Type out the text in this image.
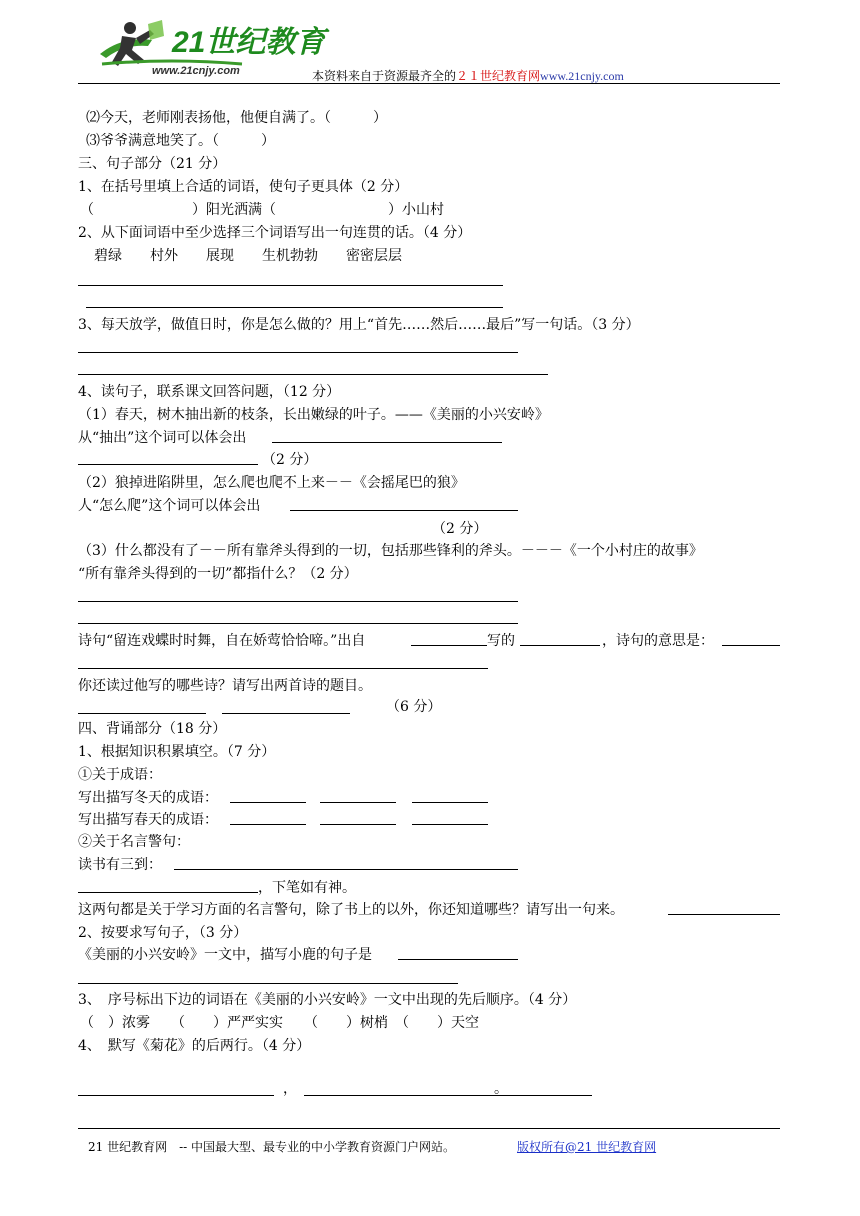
21世纪教育
www.21cnjy.com	本资料来自于资源最齐全的２１世纪教育网www.21cnjy.com
⑵今天，老师刚表扬他，他便自满了。（　　　）
⑶爷爷满意地笑了。（　　　）
三、句子部分（21 分）
1、在括号里填上合适的词语，使句子更具体（2 分）
（　　　　　　　）阳光洒满（　　　　　　　　）小山村
2、从下面词语中至少选择三个词语写出一句连贯的话。（4 分）
碧绿　　村外　　展现　　生机勃勃　　密密层层
3、每天放学，做值日时，你是怎么做的？用上“首先……然后……最后”写一句话。（3 分）
4、读句子，联系课文回答问题，（12 分）
（1）春天，树木抽出新的枝条，长出嫩绿的叶子。——《美丽的小兴安岭》
从“抽出”这个词可以体会出
（2 分）
（2）狼掉进陷阱里，怎么爬也爬不上来－－《会摇尾巴的狼》
人“怎么爬”这个词可以体会出
（2 分）
（3）什么都没有了－－所有靠斧头得到的一切，包括那些锋利的斧头。－－－《一个小村庄的故事》
“所有靠斧头得到的一切”都指什么？（2 分）
诗句“留连戏蝶时时舞，自在娇莺恰恰啼。”出自	写的	，诗句的意思是：
你还读过他写的哪些诗？请写出两首诗的题目。
（6 分）
四、背诵部分（18 分）
1、根据知识积累填空。（7 分）
①关于成语：
写出描写冬天的成语：
写出描写春天的成语：
②关于名言警句：
读书有三到：
，下笔如有神。
这两句都是关于学习方面的名言警句，除了书上的以外，你还知道哪些？请写出一句来。
2、按要求写句子，（3 分）
《美丽的小兴安岭》一文中，描写小鹿的句子是
3、　序号标出下边的词语在《美丽的小兴安岭》一文中出现的先后顺序。（4 分）
（　）浓雾　　（　　）严严实实　　（　　）树梢　（　　）天空
4、　默写《菊花》的后两行。（4 分）
，	。
21 世纪教育网　-- 中国最大型、最专业的中小学教育资源门户网站。	版权所有@21 世纪教育网
